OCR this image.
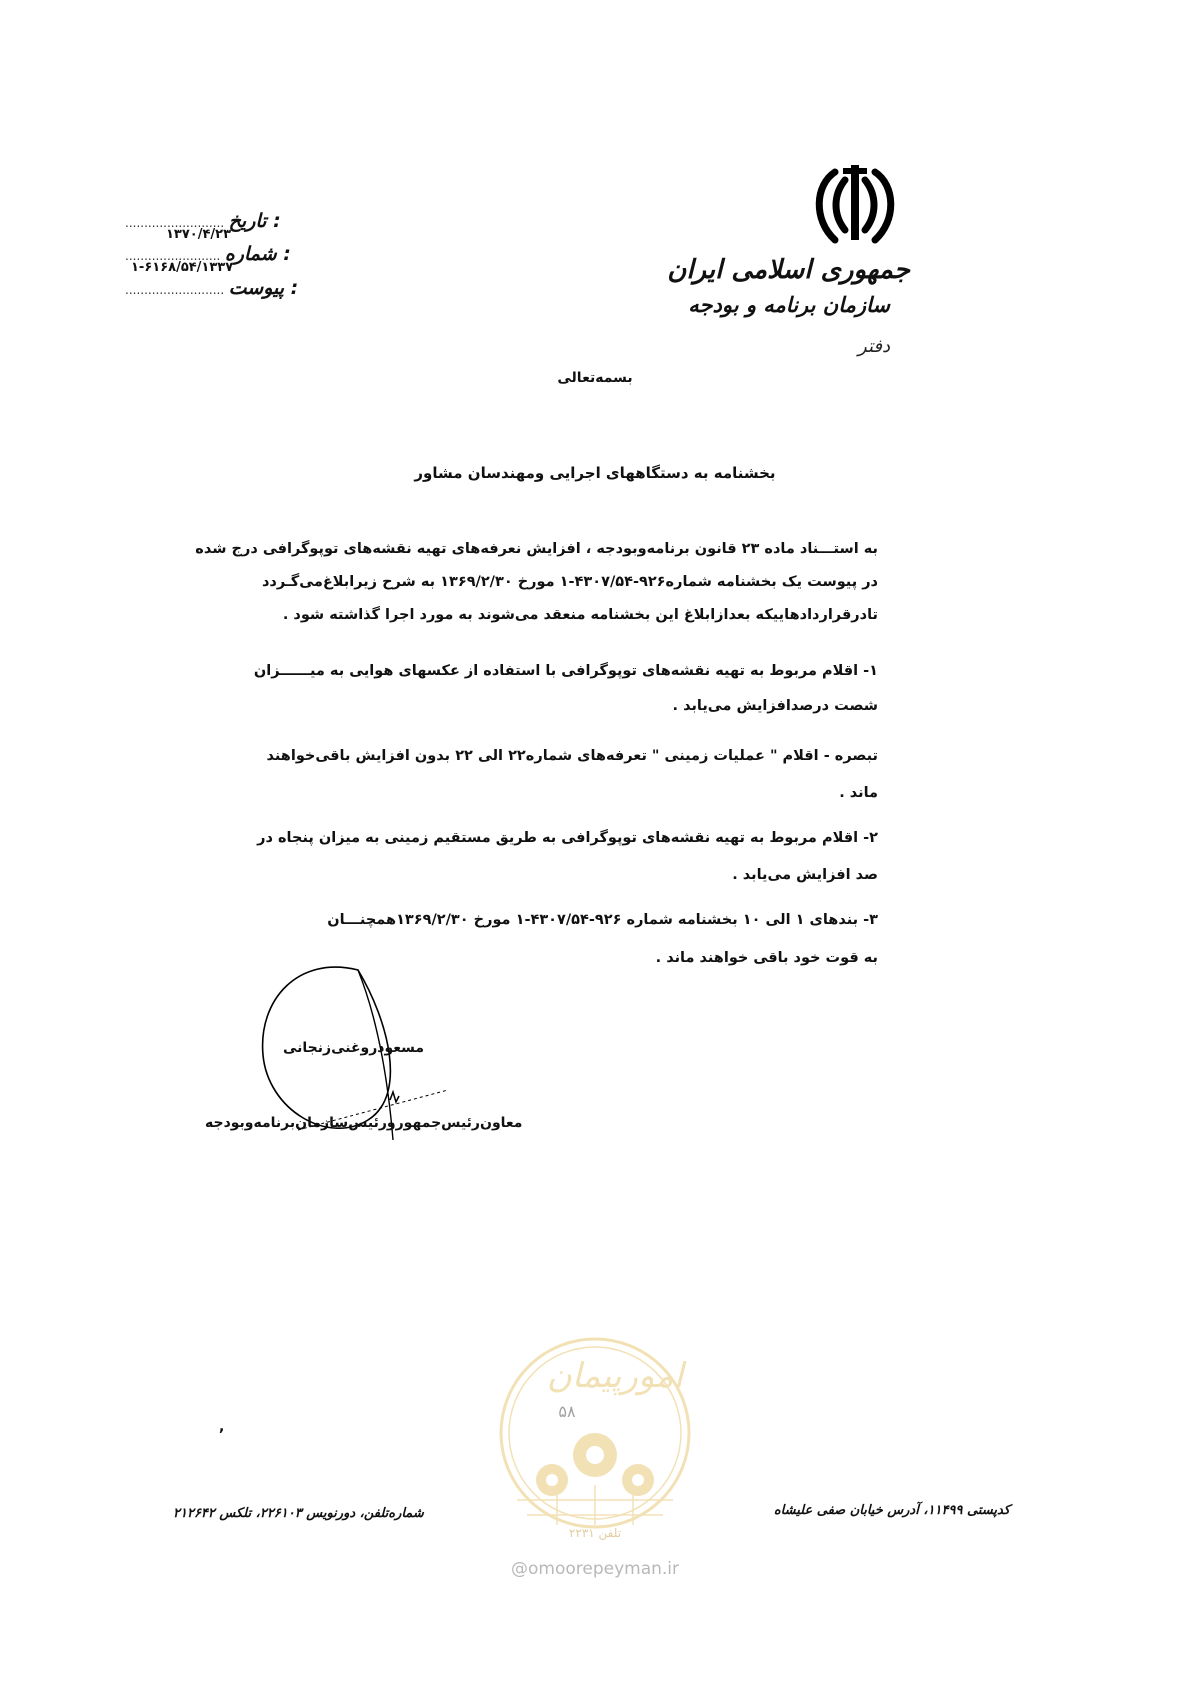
جمهوری اسلامی ایران
سازمان برنامه و بودجه
دفتر
.......................... تاریخ :
۱۳۷۰/۴/۲۳
......................... شماره :
۱-۶۱۶۸/۵۴/۱۳۳۷
.......................... پیوست :
بسمه‌تعالی
بخشنامه به دستگاههای اجرایی ومهندسان مشاور
به استـــناد ماده ۲۳ قانون برنامه‌وبودجه ، افزایش نعرفه‌های تهیه نقشه‌های توپوگرافی درج شده
در پیوست یک بخشنامه شماره۹۲۶-۴۳۰۷/۵۴-۱ مورخ ۱۳۶۹/۲/۳۰ به شرح زیرابلاغ‌می‌گـردد
تادرقراردادهاییکه بعدازابلاغ این بخشنامه منعقد می‌شوند به مورد اجرا گذاشته شود .
۱- اقلام مربوط به تهیه نقشه‌های توپوگرافی با استفاده از عکسهای هوایی به میــــــزان
شصت درصدافزایش می‌یابد .
تبصره - اقلام " عملیات زمینی " تعرفه‌های شماره۲۲ الی ۲۲ بدون افزایش باقی‌خواهند
ماند .
۲- اقلام مربوط به تهیه نقشه‌های توپوگرافی به طریق مستقیم زمینی به میزان پنجاه در
صد افزایش می‌یابد .
۳- بندهای ۱ الی ۱۰ بخشنامه شماره ۹۲۶-۴۳۰۷/۵۴-۱ مورخ ۱۳۶۹/۲/۳۰همچنـــان
به قوت خود باقی خواهند ماند .
مسعودروغنی‌زنجانی
معاون‌رئیس‌جمهورورئیس‌سازمان‌برنامه‌وبودجه
امورپیمان
۵۸
تلفن ۲۲۳۱
@omoorepeyman.ir
,
شماره‌تلفن‌، دورنویس ۲۲۶۱۰۳، تلکس ۲۱۲۶۴۲	کدپستی ۱۱۴۹۹، آدرس خیابان صفی علیشاه
